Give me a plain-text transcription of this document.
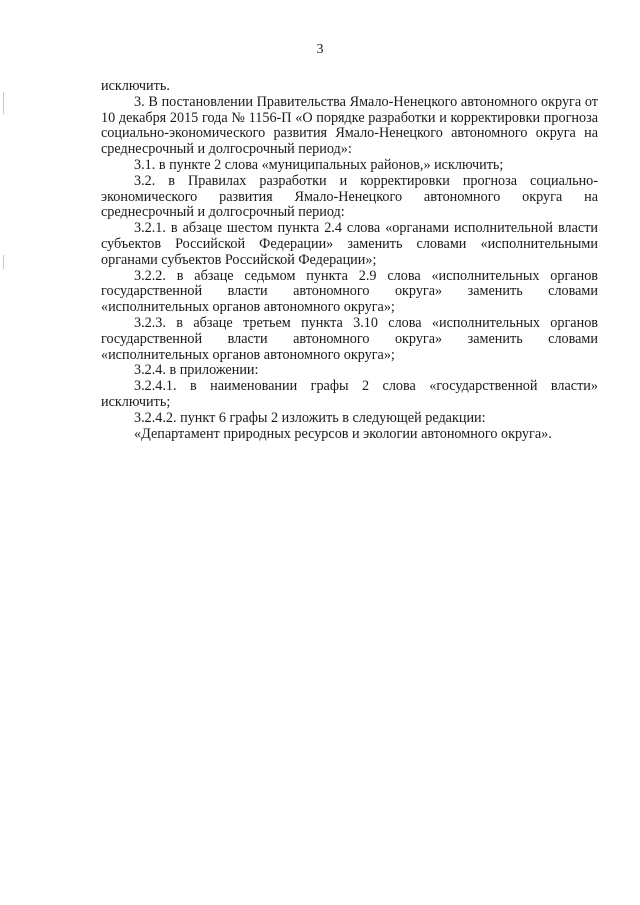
3

исключить.

3. В постановлении Правительства Ямало-Ненецкого автономного округа от 10 декабря 2015 года № 1156-П «О порядке разработки и корректировки прогноза социально-экономического развития Ямало-Ненецкого автономного округа на среднесрочный и долгосрочный период»:

3.1. в пункте 2 слова «муниципальных районов,» исключить;

3.2. в Правилах разработки и корректировки прогноза социально-экономического развития Ямало-Ненецкого автономного округа на среднесрочный и долгосрочный период:

3.2.1. в абзаце шестом пункта 2.4 слова «органами исполнительной власти субъектов Российской Федерации» заменить словами «исполнительными органами субъектов Российской Федерации»;

3.2.2. в абзаце седьмом пункта 2.9 слова «исполнительных органов государственной власти автономного округа» заменить словами «исполнительных органов автономного округа»;

3.2.3. в абзаце третьем пункта 3.10 слова «исполнительных органов государственной власти автономного округа» заменить словами «исполнительных органов автономного округа»;

3.2.4. в приложении:

3.2.4.1. в наименовании графы 2 слова «государственной власти» исключить;

3.2.4.2. пункт 6 графы 2 изложить в следующей редакции:

«Департамент природных ресурсов и экологии автономного округа».
